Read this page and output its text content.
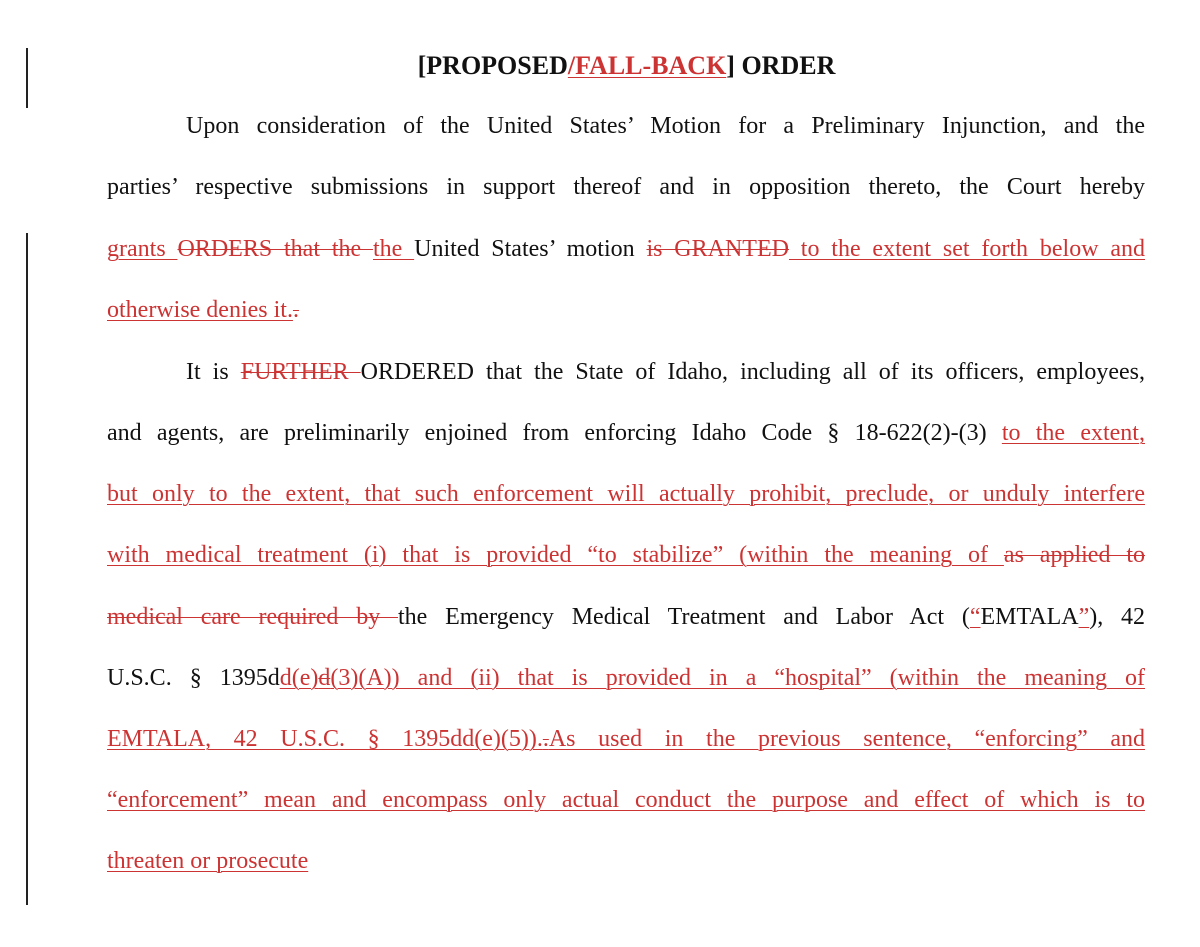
[PROPOSED/FALL-BACK] ORDER
Upon consideration of the United States’ Motion for a Preliminary Injunction, and the
parties’ respective submissions in support thereof and in opposition thereto, the Court hereby
grants ORDERS that the the United States’ motion is GRANTED to the extent set forth below and
otherwise denies it..
It is FURTHER ORDERED that the State of Idaho, including all of its officers, employees,
and agents, are preliminarily enjoined from enforcing Idaho Code § 18-622(2)-(3) to the extent,
but only to the extent, that such enforcement will actually prohibit, preclude, or unduly interfere
with medical treatment (i) that is provided “to stabilize” (within the meaning of as applied to
medical care required by the Emergency Medical Treatment and Labor Act (“EMTALA”), 42
U.S.C. § 1395dd(e)d(3)(A)) and (ii) that is provided in a “hospital” (within the meaning of
EMTALA, 42 U.S.C. § 1395dd(e)(5))..As used in the previous sentence, “enforcing” and
“enforcement” mean and encompass only actual conduct the purpose and effect of which is to
threaten or prosecute
